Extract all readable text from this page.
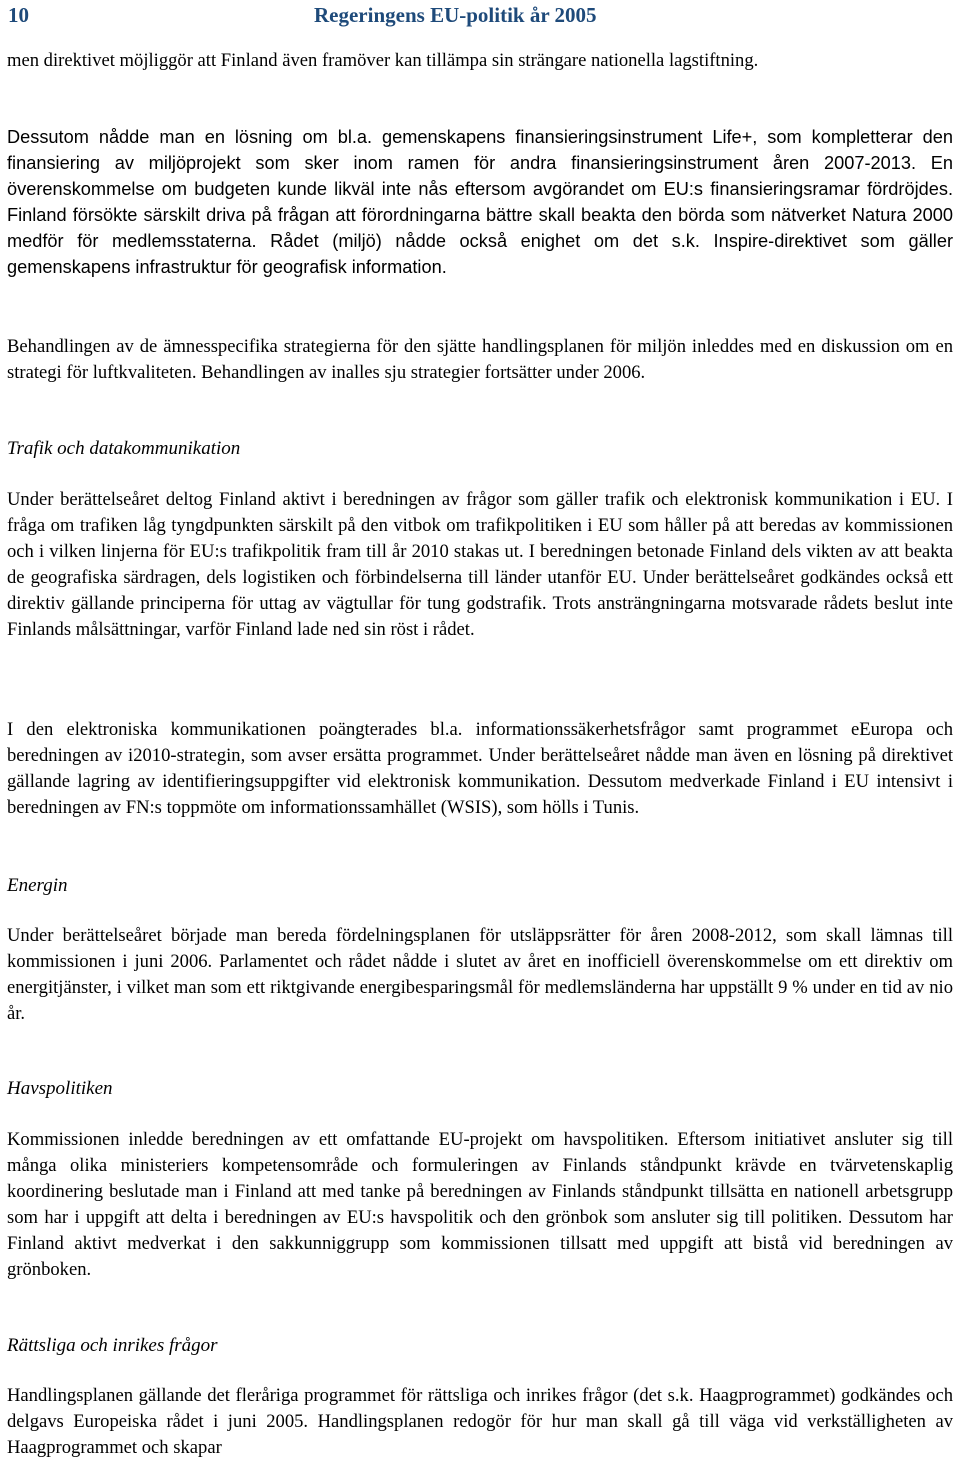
10	Regeringens EU-politik år 2005

men direktivet möjliggör att Finland även framöver kan tillämpa sin strängare nationella lagstiftning.

Dessutom nådde man en lösning om bl.a. gemenskapens finansieringsinstrument Life+, som kompletterar den finansiering av miljöprojekt som sker inom ramen för andra finansieringsinstrument åren 2007-2013. En överenskommelse om budgeten kunde likväl inte nås eftersom avgörandet om EU:s finansieringsramar fördröjdes. Finland försökte särskilt driva på frågan att förordningarna bättre skall beakta den börda som nätverket Natura 2000 medför för medlemsstaterna. Rådet (miljö) nådde också enighet om det s.k. Inspire-direktivet som gäller gemenskapens infrastruktur för geografisk information.

Behandlingen av de ämnesspecifika strategierna för den sjätte handlingsplanen för miljön inleddes med en diskussion om en strategi för luftkvaliteten. Behandlingen av inalles sju strategier fortsätter under 2006.

Trafik och datakommunikation

Under berättelseåret deltog Finland aktivt i beredningen av frågor som gäller trafik och elektronisk kommunikation i EU. I fråga om trafiken låg tyngdpunkten särskilt på den vitbok om trafikpolitiken i EU som håller på att beredas av kommissionen och i vilken linjerna för EU:s trafikpolitik fram till år 2010 stakas ut. I beredningen betonade Finland dels vikten av att beakta de geografiska särdragen, dels logistiken och förbindelserna till länder utanför EU. Under berättelseåret godkändes också ett direktiv gällande principerna för uttag av vägtullar för tung godstrafik. Trots ansträngningarna motsvarade rådets beslut inte Finlands målsättningar, varför Finland lade ned sin röst i rådet.

I den elektroniska kommunikationen poängterades bl.a. informationssäkerhetsfrågor samt programmet eEuropa och beredningen av i2010-strategin, som avser ersätta programmet. Under berättelseåret nådde man även en lösning på direktivet gällande lagring av identifieringsuppgifter vid elektronisk kommunikation. Dessutom medverkade Finland i EU intensivt i beredningen av FN:s toppmöte om informationssamhället (WSIS), som hölls i Tunis.

Energin

Under berättelseåret började man bereda fördelningsplanen för utsläppsrätter för åren 2008-2012, som skall lämnas till kommissionen i juni 2006. Parlamentet och rådet nådde i slutet av året en inofficiell överenskommelse om ett direktiv om energitjänster, i vilket man som ett riktgivande energibesparingsmål för medlemsländerna har uppställt 9 % under en tid av nio år.

Havspolitiken

Kommissionen inledde beredningen av ett omfattande EU-projekt om havspolitiken. Eftersom initiativet ansluter sig till många olika ministeriers kompetensområde och formuleringen av Finlands ståndpunkt krävde en tvärvetenskaplig koordinering beslutade man i Finland att med tanke på beredningen av Finlands ståndpunkt tillsätta en nationell arbetsgrupp som har i uppgift att delta i beredningen av EU:s havspolitik och den grönbok som ansluter sig till politiken. Dessutom har Finland aktivt medverkat i den sakkunniggrupp som kommissionen tillsatt med uppgift att bistå vid beredningen av grönboken.

Rättsliga och inrikes frågor

Handlingsplanen gällande det fleråriga programmet för rättsliga och inrikes frågor (det s.k. Haagprogrammet) godkändes och delgavs Europeiska rådet i juni 2005. Handlingsplanen redogör för hur man skall gå till väga vid verkställigheten av Haagprogrammet och skapar
